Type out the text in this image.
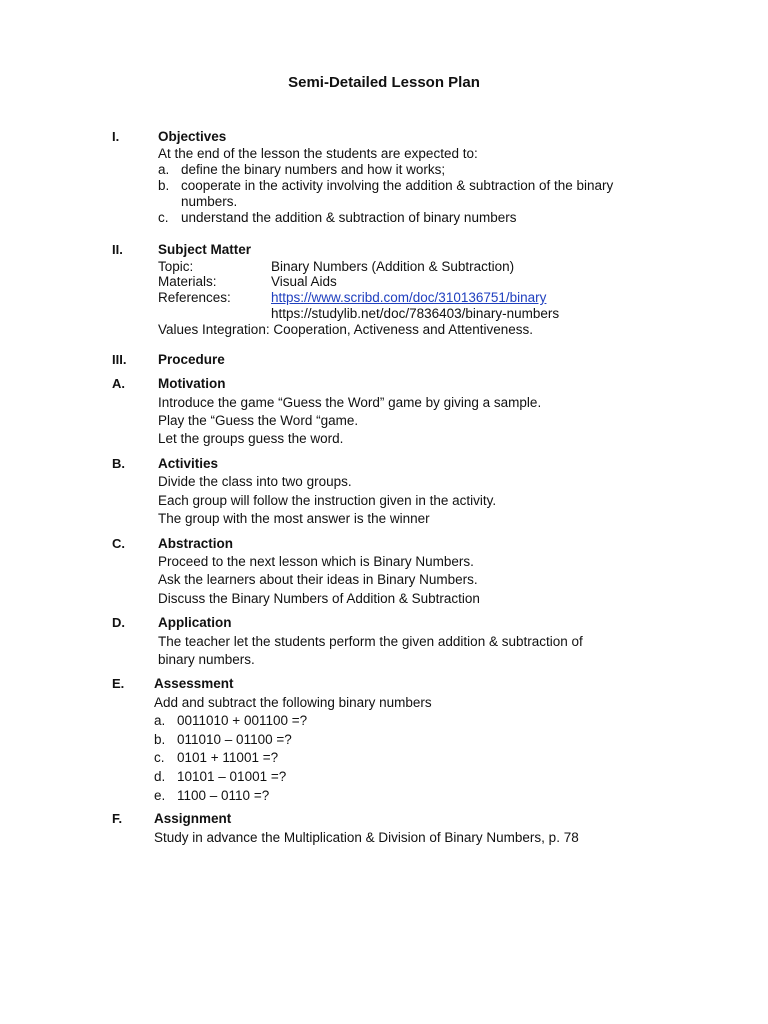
Semi-Detailed Lesson Plan
I.	Objectives
At the end of the lesson the students are expected to:
a. define the binary numbers and how it works;
b. cooperate in the activity involving the addition & subtraction of the binary
numbers.
c. understand the addition & subtraction of binary numbers
II.	Subject Matter
Topic:	Binary Numbers (Addition & Subtraction)
Materials:	Visual Aids
References:	https://www.scribd.com/doc/310136751/binary
https://studylib.net/doc/7836403/binary-numbers
Values Integration: Cooperation, Activeness and Attentiveness.
III. Procedure
A. Motivation
Introduce the game “Guess the Word” game by giving a sample.
Play the “Guess the Word “game.
Let the groups guess the word.
B. Activities
Divide the class into two groups.
Each group will follow the instruction given in the activity.
The group with the most answer is the winner
C. Abstraction
Proceed to the next lesson which is Binary Numbers.
Ask the learners about their ideas in Binary Numbers.
Discuss the Binary Numbers of Addition & Subtraction
D. Application
The teacher let the students perform the given addition & subtraction of
binary numbers.
E. Assessment
Add and subtract the following binary numbers
a. 0011010 + 001100 =?
b. 011010 – 01100 =?
c. 0101 + 11001 =?
d. 10101 – 01001 =?
e. 1100 – 0110 =?
F. Assignment
Study in advance the Multiplication & Division of Binary Numbers, p. 78
